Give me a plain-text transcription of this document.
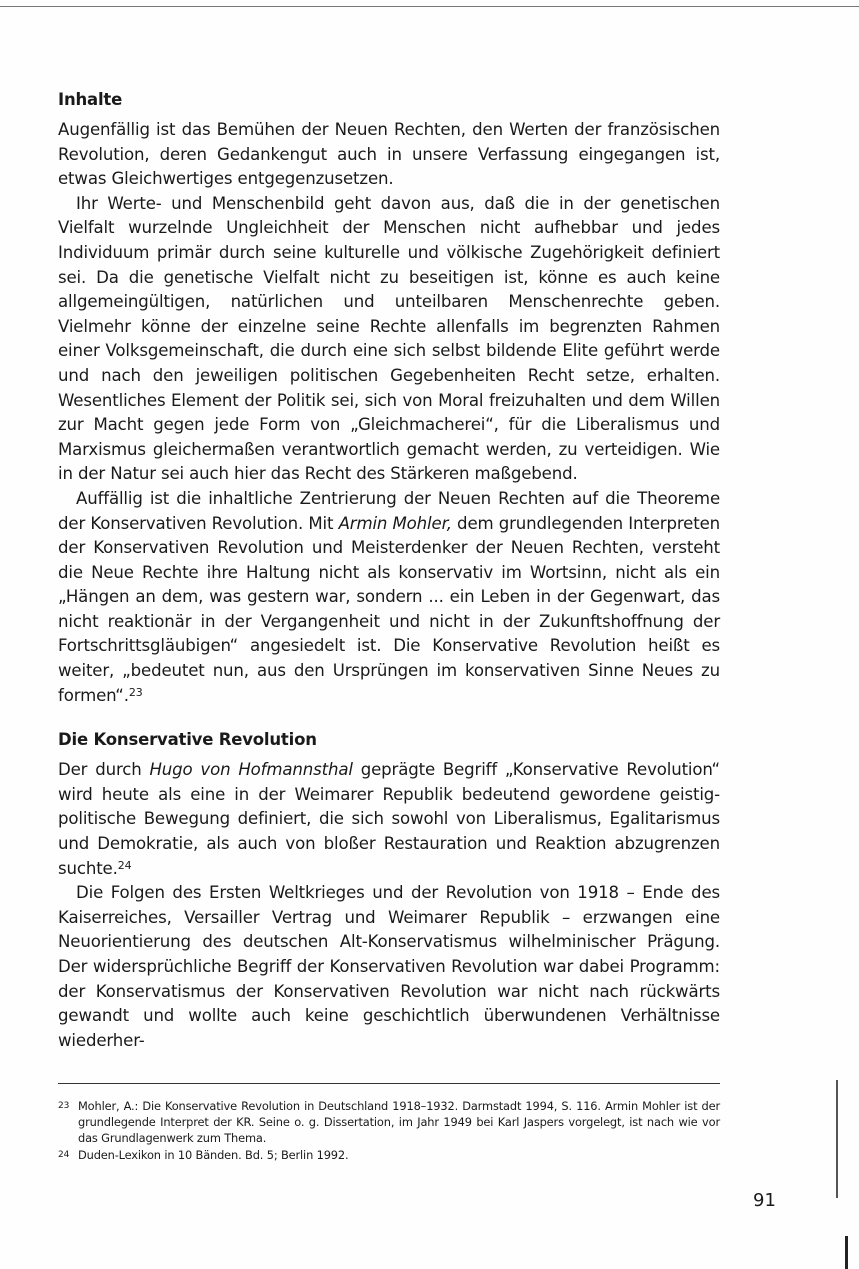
Inhalte

Augenfällig ist das Bemühen der Neuen Rechten, den Werten der französischen Revolution, deren Gedankengut auch in unsere Verfassung eingegangen ist, etwas Gleichwertiges entgegenzusetzen.

Ihr Werte- und Menschenbild geht davon aus, daß die in der genetischen Vielfalt wurzelnde Ungleichheit der Menschen nicht aufhebbar und jedes Individuum primär durch seine kulturelle und völkische Zugehörigkeit definiert sei. Da die genetische Vielfalt nicht zu beseitigen ist, könne es auch keine allgemeingültigen, natürlichen und unteilbaren Menschenrechte geben. Vielmehr könne der einzelne seine Rechte allenfalls im begrenzten Rahmen einer Volksgemeinschaft, die durch eine sich selbst bildende Elite geführt werde und nach den jeweiligen politischen Gegebenheiten Recht setze, erhalten. Wesentliches Element der Politik sei, sich von Moral freizuhalten und dem Willen zur Macht gegen jede Form von „Gleichmacherei“, für die Liberalismus und Marxismus gleichermaßen verantwortlich gemacht werden, zu verteidigen. Wie in der Natur sei auch hier das Recht des Stärkeren maßgebend.

Auffällig ist die inhaltliche Zentrierung der Neuen Rechten auf die Theoreme der Konservativen Revolution. Mit Armin Mohler, dem grundlegenden Interpreten der Konservativen Revolution und Meisterdenker der Neuen Rechten, versteht die Neue Rechte ihre Haltung nicht als konservativ im Wortsinn, nicht als ein „Hängen an dem, was gestern war, sondern ... ein Leben in der Gegenwart, das nicht reaktionär in der Vergangenheit und nicht in der Zukunftshoffnung der Fortschrittsgläubigen“ angesiedelt ist. Die Konservative Revolution heißt es weiter, „bedeutet nun, aus den Ursprüngen im konservativen Sinne Neues zu formen“.$^{23}$

Die Konservative Revolution

Der durch Hugo von Hofmannsthal geprägte Begriff „Konservative Revolution“ wird heute als eine in der Weimarer Republik bedeutend gewordene geistig-politische Bewegung definiert, die sich sowohl von Liberalismus, Egalitarismus und Demokratie, als auch von bloßer Restauration und Reaktion abzugrenzen suchte.$^{24}$

Die Folgen des Ersten Weltkrieges und der Revolution von 1918 – Ende des Kaiserreiches, Versailler Vertrag und Weimarer Republik – erzwangen eine Neuorientierung des deutschen Alt-Konservatismus wilhelminischer Prägung. Der widersprüchliche Begriff der Konservativen Revolution war dabei Programm: der Konservatismus der Konservativen Revolution war nicht nach rückwärts gewandt und wollte auch keine geschichtlich überwundenen Verhältnisse wiederher-

23 Mohler, A.: Die Konservative Revolution in Deutschland 1918–1932. Darmstadt 1994, S. 116. Armin Mohler ist der grundlegende Interpret der KR. Seine o. g. Dissertation, im Jahr 1949 bei Karl Jaspers vorgelegt, ist nach wie vor das Grundlagenwerk zum Thema.

24 Duden-Lexikon in 10 Bänden. Bd. 5; Berlin 1992.

91
